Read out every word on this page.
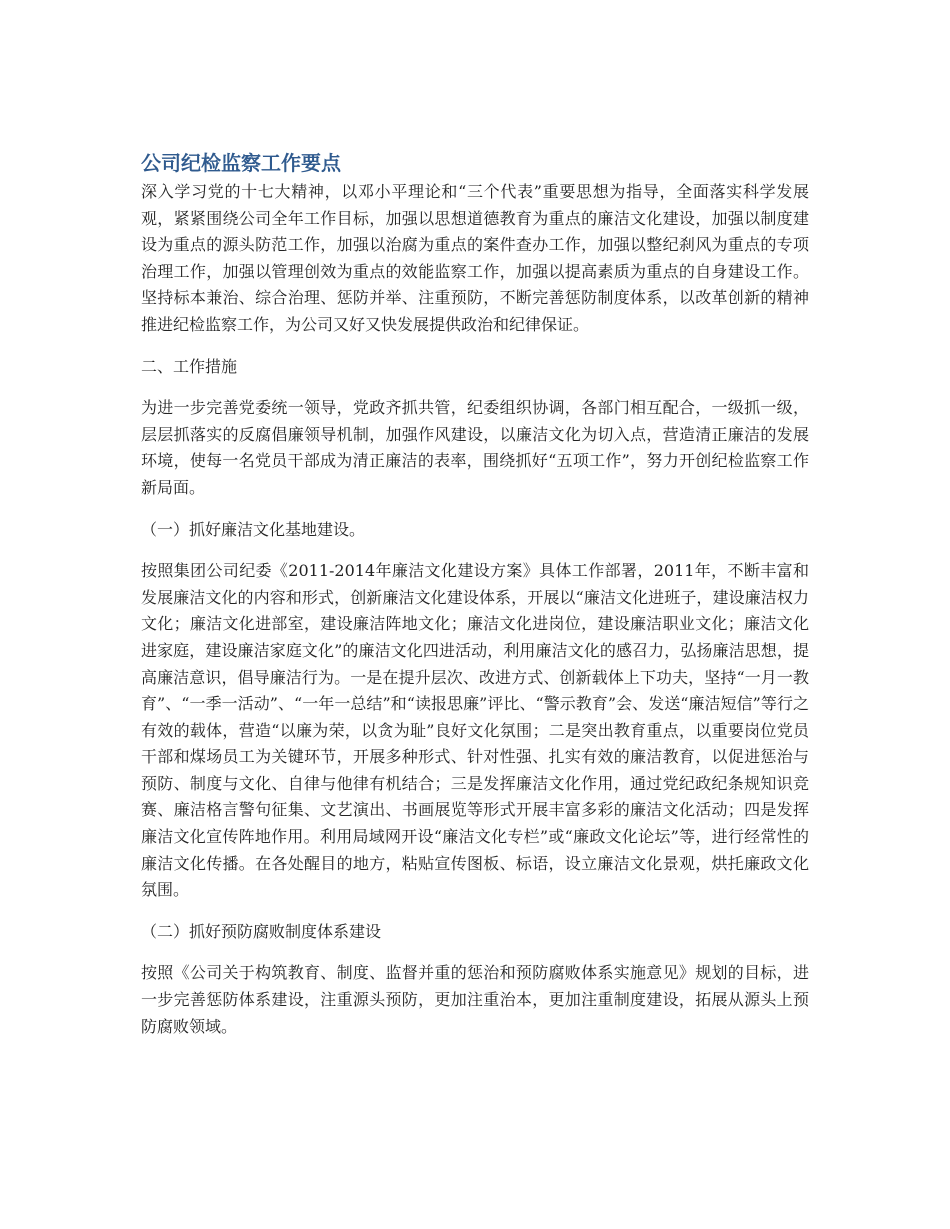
公司纪检监察工作要点

深入学习党的十七大精神，以邓小平理论和“三个代表”重要思想为指导，全面落实科学发展观，紧紧围绕公司全年工作目标，加强以思想道德教育为重点的廉洁文化建设，加强以制度建设为重点的源头防范工作，加强以治腐为重点的案件查办工作，加强以整纪刹风为重点的专项治理工作，加强以管理创效为重点的效能监察工作，加强以提高素质为重点的自身建设工作。坚持标本兼治、综合治理、惩防并举、注重预防，不断完善惩防制度体系，以改革创新的精神推进纪检监察工作，为公司又好又快发展提供政治和纪律保证。

二、工作措施

为进一步完善党委统一领导，党政齐抓共管，纪委组织协调，各部门相互配合，一级抓一级，层层抓落实的反腐倡廉领导机制，加强作风建设，以廉洁文化为切入点，营造清正廉洁的发展环境，使每一名党员干部成为清正廉洁的表率，围绕抓好“五项工作”，努力开创纪检监察工作新局面。

（一）抓好廉洁文化基地建设。

按照集团公司纪委《2011-2014年廉洁文化建设方案》具体工作部署，2011年，不断丰富和发展廉洁文化的内容和形式，创新廉洁文化建设体系，开展以“廉洁文化进班子，建设廉洁权力文化；廉洁文化进部室，建设廉洁阵地文化；廉洁文化进岗位，建设廉洁职业文化；廉洁文化进家庭，建设廉洁家庭文化”的廉洁文化四进活动，利用廉洁文化的感召力，弘扬廉洁思想，提高廉洁意识，倡导廉洁行为。一是在提升层次、改进方式、创新载体上下功夫，坚持“一月一教育”、“一季一活动”、“一年一总结”和“读报思廉”评比、“警示教育”会、发送“廉洁短信”等行之有效的载体，营造“以廉为荣，以贪为耻”良好文化氛围；二是突出教育重点，以重要岗位党员干部和煤场员工为关键环节，开展多种形式、针对性强、扎实有效的廉洁教育，以促进惩治与预防、制度与文化、自律与他律有机结合；三是发挥廉洁文化作用，通过党纪政纪条规知识竞赛、廉洁格言警句征集、文艺演出、书画展览等形式开展丰富多彩的廉洁文化活动；四是发挥廉洁文化宣传阵地作用。利用局域网开设“廉洁文化专栏”或“廉政文化论坛”等，进行经常性的廉洁文化传播。在各处醒目的地方，粘贴宣传图板、标语，设立廉洁文化景观，烘托廉政文化氛围。

（二）抓好预防腐败制度体系建设

按照《公司关于构筑教育、制度、监督并重的惩治和预防腐败体系实施意见》规划的目标，进一步完善惩防体系建设，注重源头预防，更加注重治本，更加注重制度建设，拓展从源头上预防腐败领域。
